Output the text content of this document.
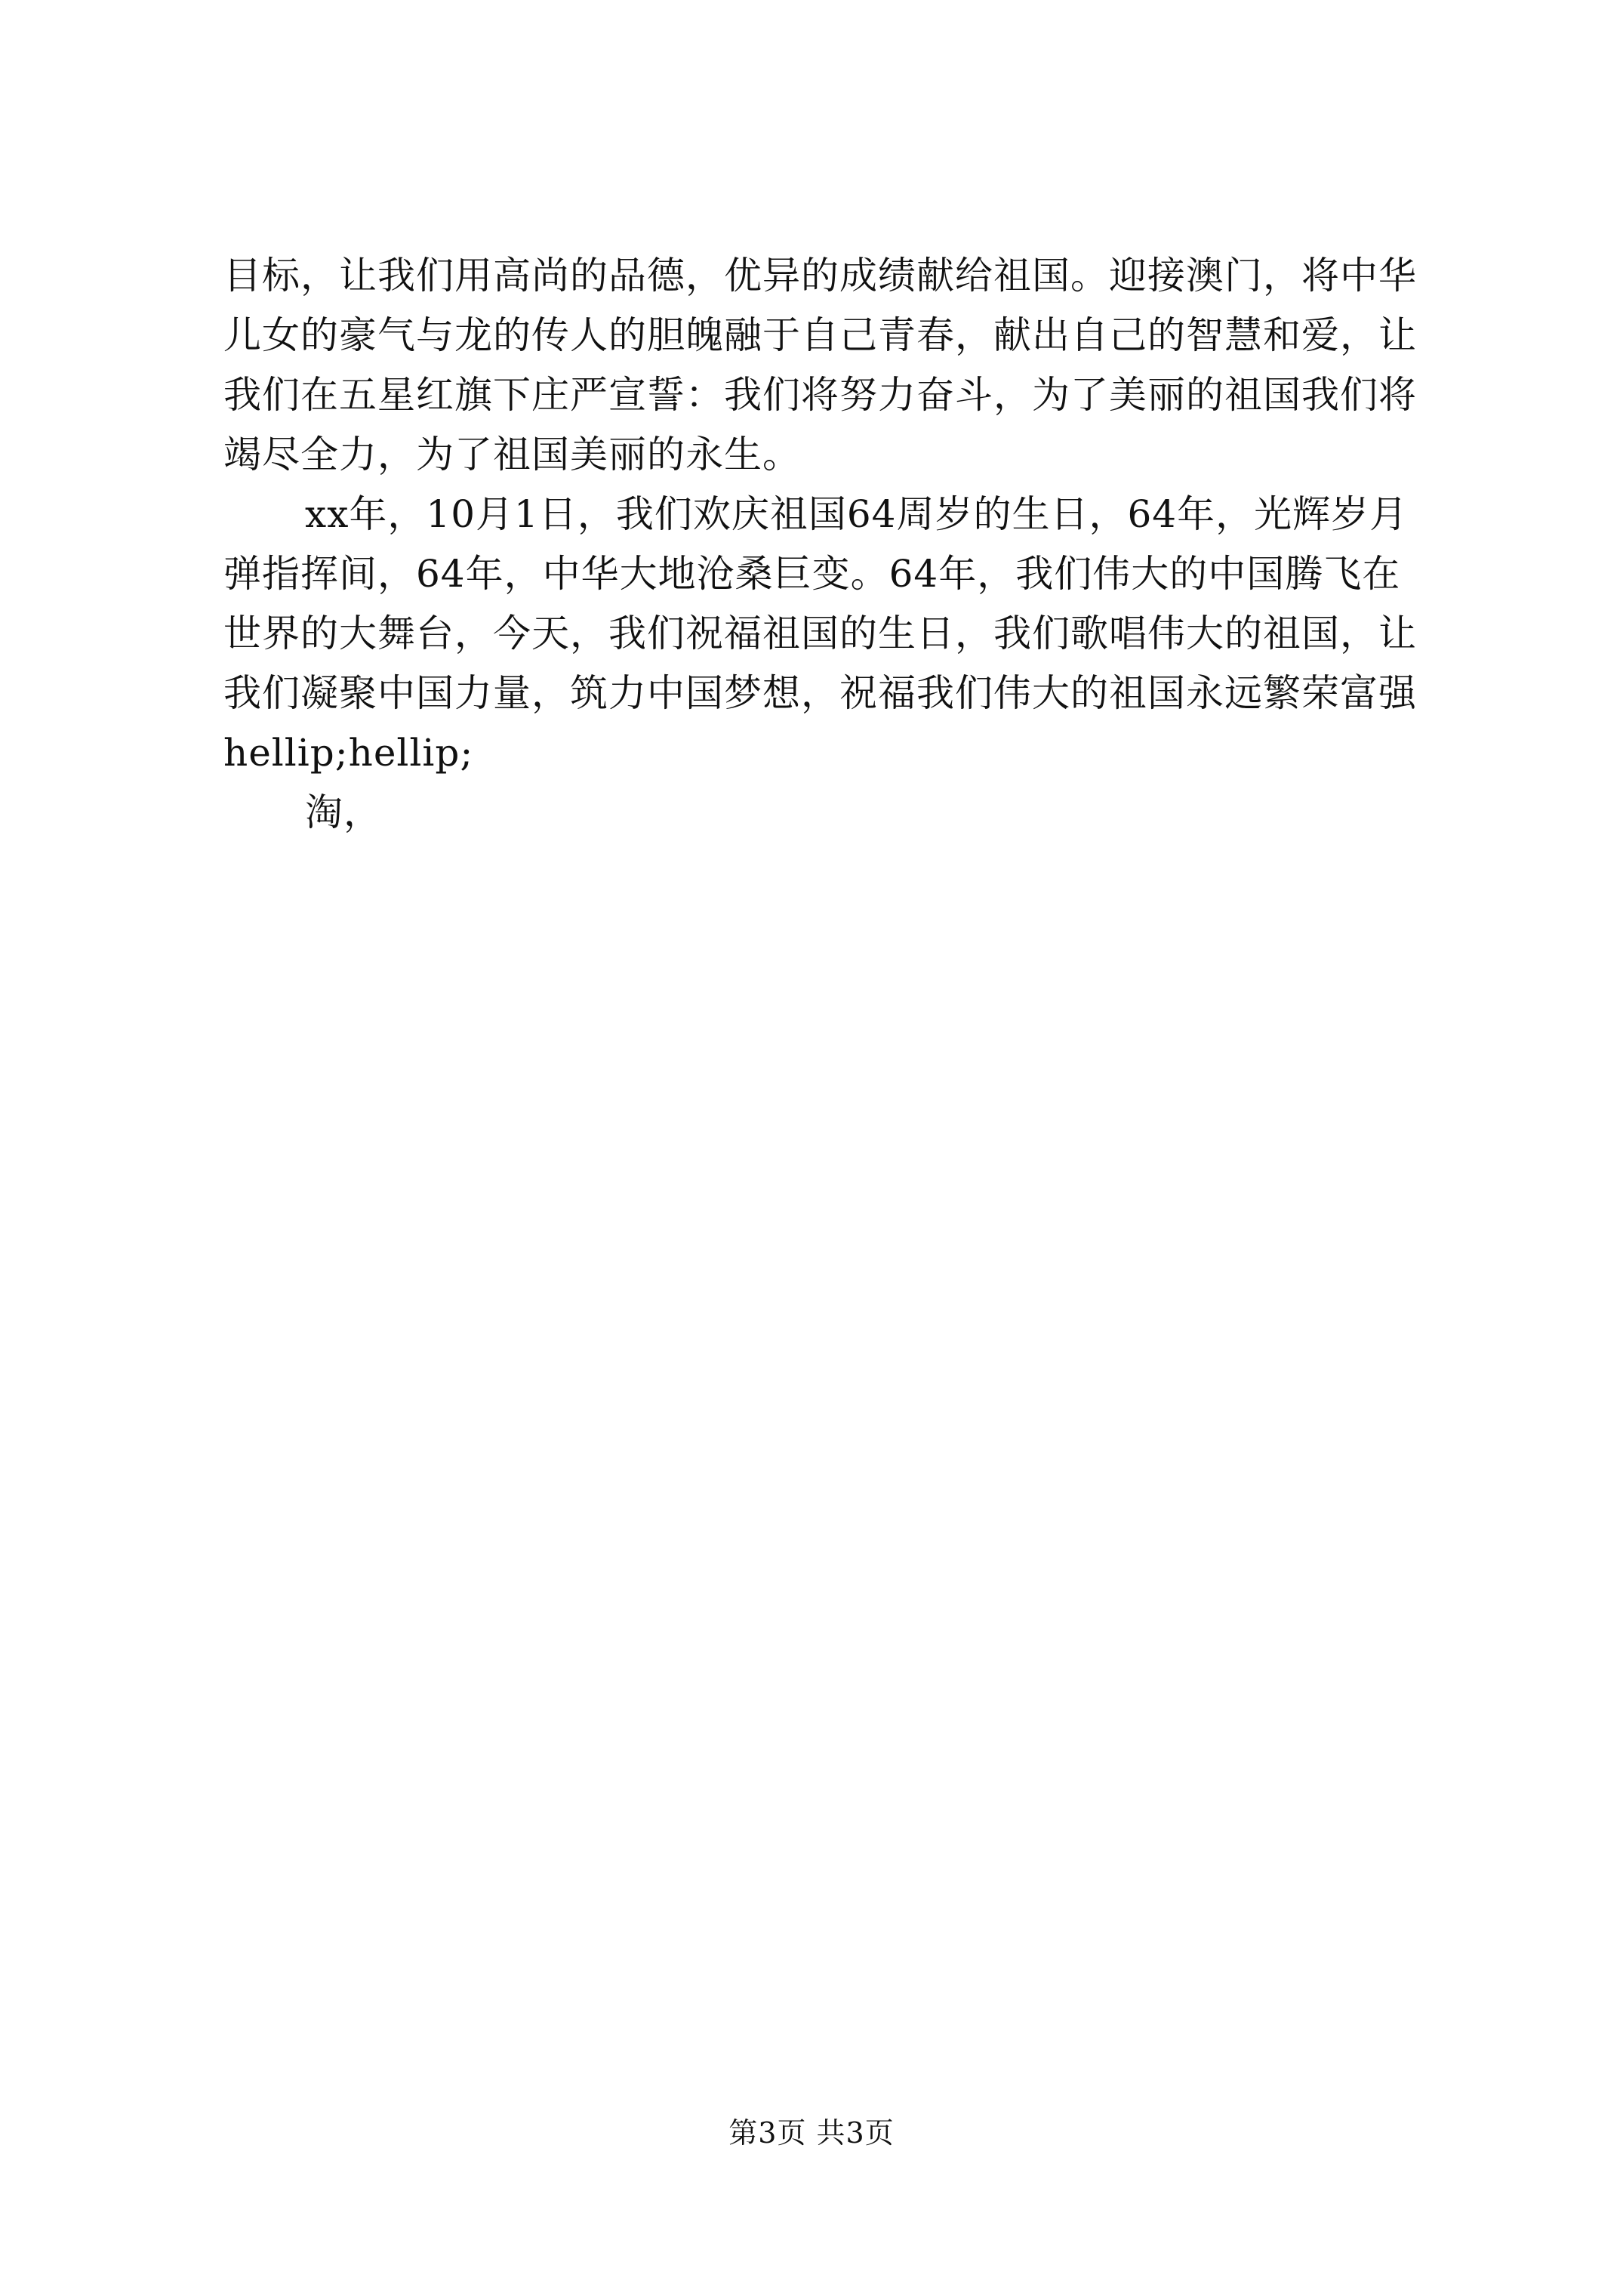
目标，让我们用高尚的品德，优异的成绩献给祖国。迎接澳门，将中华儿女的豪气与龙的传人的胆魄融于自己青春，献出自己的智慧和爱，让我们在五星红旗下庄严宣誓：我们将努力奋斗，为了美丽的祖国我们将竭尽全力，为了祖国美丽的永生。

xx年，10月1日，我们欢庆祖国64周岁的生日，64年，光辉岁月弹指挥间，64年，中华大地沧桑巨变。64年，我们伟大的中国腾飞在世界的大舞台，今天，我们祝福祖国的生日，我们歌唱伟大的祖国，让我们凝聚中国力量，筑力中国梦想，祝福我们伟大的祖国永远繁荣富强hellip;hellip;

淘，

第3页 共3页
